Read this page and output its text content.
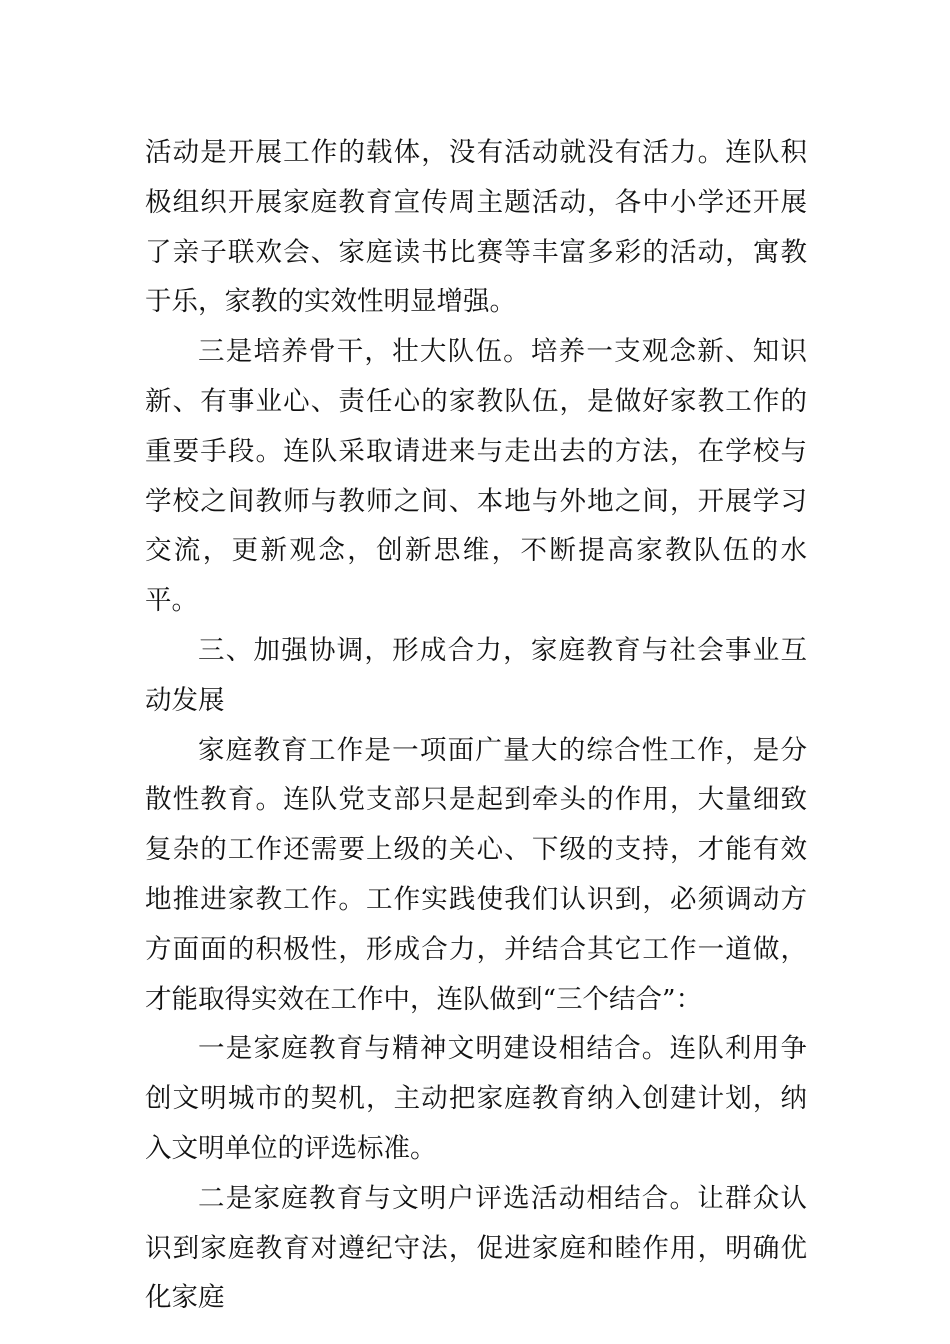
活动是开展工作的载体，没有活动就没有活力。连队积极组织开展家庭教育宣传周主题活动，各中小学还开展了亲子联欢会、家庭读书比赛等丰富多彩的活动，寓教于乐，家教的实效性明显增强。

三是培养骨干，壮大队伍。培养一支观念新、知识新、有事业心、责任心的家教队伍，是做好家教工作的重要手段。连队采取请进来与走出去的方法，在学校与学校之间教师与教师之间、本地与外地之间，开展学习交流，更新观念，创新思维，不断提高家教队伍的水平。

三、加强协调，形成合力，家庭教育与社会事业互动发展

家庭教育工作是一项面广量大的综合性工作，是分散性教育。连队党支部只是起到牵头的作用，大量细致复杂的工作还需要上级的关心、下级的支持，才能有效地推进家教工作。工作实践使我们认识到，必须调动方方面面的积极性，形成合力，并结合其它工作一道做，才能取得实效在工作中，连队做到“三个结合”：

一是家庭教育与精神文明建设相结合。连队利用争创文明城市的契机，主动把家庭教育纳入创建计划，纳入文明单位的评选标准。

二是家庭教育与文明户评选活动相结合。让群众认识到家庭教育对遵纪守法，促进家庭和睦作用，明确优化家庭
